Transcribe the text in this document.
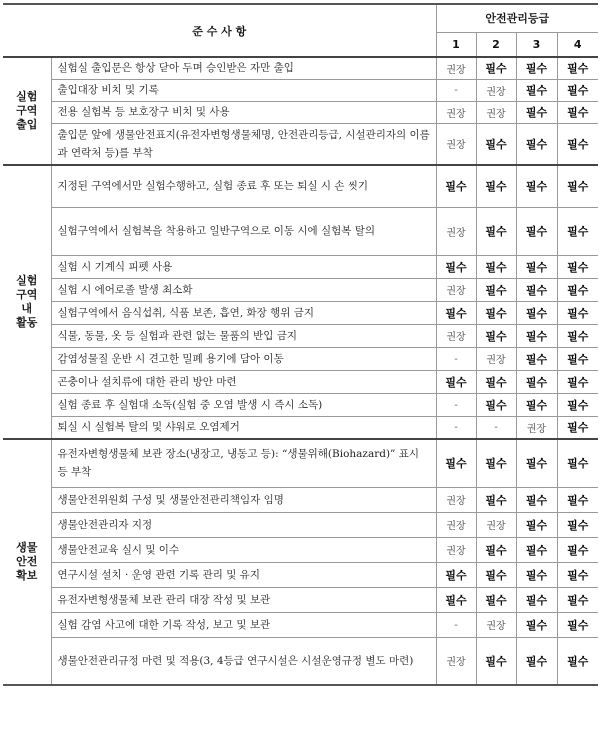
준 수 사 항		안전관리등급			
		1	2	3	4
실험
구역
출입	실험실 출입문은 항상 닫아 두며 승인받은 자만 출입	권장	필수	필수	필수
	출입대장 비치 및 기록	-	권장	필수	필수
	전용 실험복 등 보호장구 비치 및 사용	권장	권장	필수	필수
	출입문 앞에 생물안전표지(유전자변형생물체명, 안전관리등급, 시설관리자의 이름과 연락처 등)를 부착	권장	필수	필수	필수
실험
구역
내
활동	지정된 구역에서만 실험수행하고, 실험 종료 후 또는 퇴실 시 손 씻기	필수	필수	필수	필수
	실험구역에서 실험복을 착용하고 일반구역으로 이동 시에 실험복 탈의	권장	필수	필수	필수
	실험 시 기계식 피펫 사용	필수	필수	필수	필수
	실험 시 에어로졸 발생 최소화	권장	필수	필수	필수
	실험구역에서 음식섭취, 식품 보존, 흡연, 화장 행위 금지	필수	필수	필수	필수
	식물, 동물, 옷 등 실험과 관련 없는 물품의 반입 금지	권장	필수	필수	필수
	감염성물질 운반 시 견고한 밀폐 용기에 담아 이동	-	권장	필수	필수
	곤충이나 설치류에 대한 관리 방안 마련	필수	필수	필수	필수
	실험 종료 후 실험대 소독(실험 중 오염 발생 시 즉시 소독)	-	필수	필수	필수
	퇴실 시 실험복 탈의 및 샤워로 오염제거	-	-	권장	필수
생물
안전
확보	유전자변형생물체 보관 장소(냉장고, 냉동고 등): “생물위해(Biohazard)” 표시 등 부착	필수	필수	필수	필수
	생물안전위원회 구성 및 생물안전관리책임자 임명	권장	필수	필수	필수
	생물안전관리자 지정	권장	권장	필수	필수
	생물안전교육 실시 및 이수	권장	필수	필수	필수
	연구시설 설치 · 운영 관련 기록 관리 및 유지	필수	필수	필수	필수
	유전자변형생물체 보관 관리 대장 작성 및 보관	필수	필수	필수	필수
	실험 감염 사고에 대한 기록 작성, 보고 및 보관	-	권장	필수	필수
	생물안전관리규정 마련 및 적용(3, 4등급 연구시설은 시설운영규정 별도 마련)	권장	필수	필수	필수
